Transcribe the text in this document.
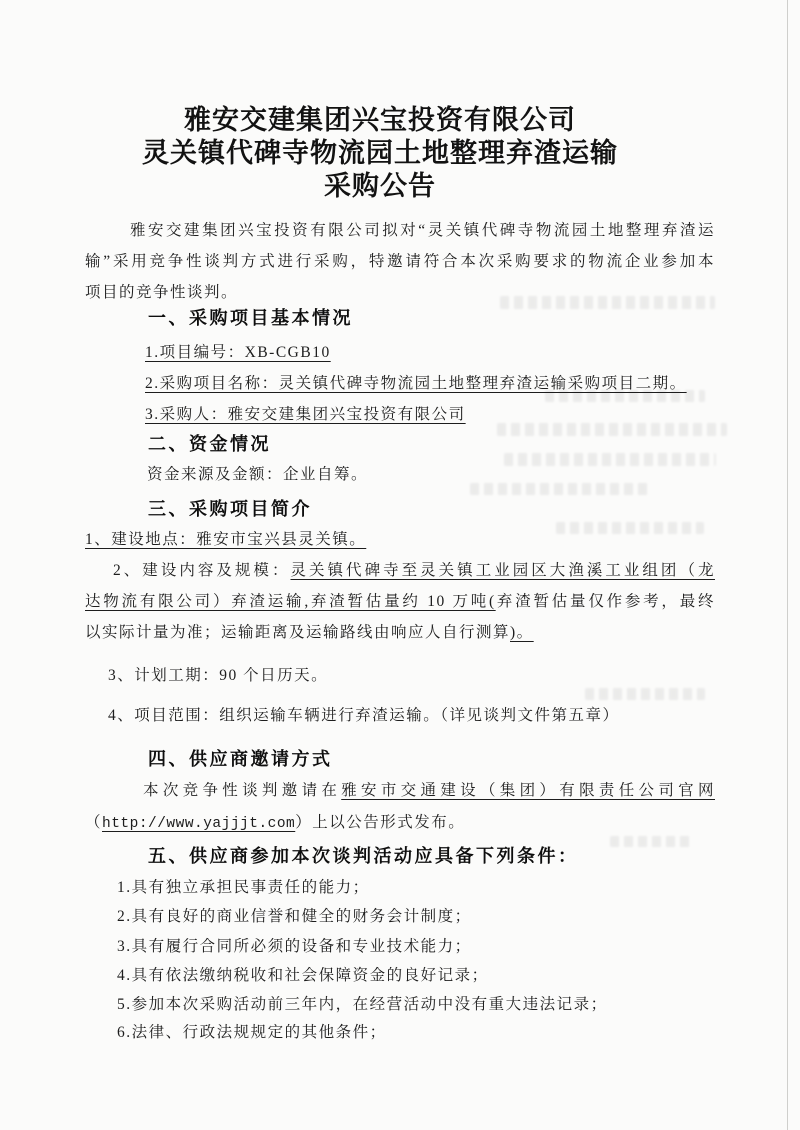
雅安交建集团兴宝投资有限公司
灵关镇代碑寺物流园土地整理弃渣运输
采购公告
雅安交建集团兴宝投资有限公司拟对“灵关镇代碑寺物流园土地整理弃渣运
输”采用竞争性谈判方式进行采购，特邀请符合本次采购要求的物流企业参加本
项目的竞争性谈判。
一、采购项目基本情况
1.项目编号：XB-CGB10
2.采购项目名称：灵关镇代碑寺物流园土地整理弃渣运输采购项目二期。
3.采购人：雅安交建集团兴宝投资有限公司
二、资金情况
资金来源及金额：企业自筹。
三、采购项目简介
1、建设地点：雅安市宝兴县灵关镇。
2、建设内容及规模：灵关镇代碑寺至灵关镇工业园区大渔溪工业组团（龙
达物流有限公司）弃渣运输,弃渣暂估量约 10 万吨(弃渣暂估量仅作参考，最终
以实际计量为准；运输距离及运输路线由响应人自行测算)。
3、计划工期：90 个日历天。
4、项目范围：组织运输车辆进行弃渣运输。（详见谈判文件第五章）
四、供应商邀请方式
本次竞争性谈判邀请在雅安市交通建设（集团）有限责任公司官网
（http://www.yajjjt.com）上以公告形式发布。
五、供应商参加本次谈判活动应具备下列条件：
1.具有独立承担民事责任的能力；
2.具有良好的商业信誉和健全的财务会计制度；
3.具有履行合同所必须的设备和专业技术能力；
4.具有依法缴纳税收和社会保障资金的良好记录；
5.参加本次采购活动前三年内，在经营活动中没有重大违法记录；
6.法律、行政法规规定的其他条件；
